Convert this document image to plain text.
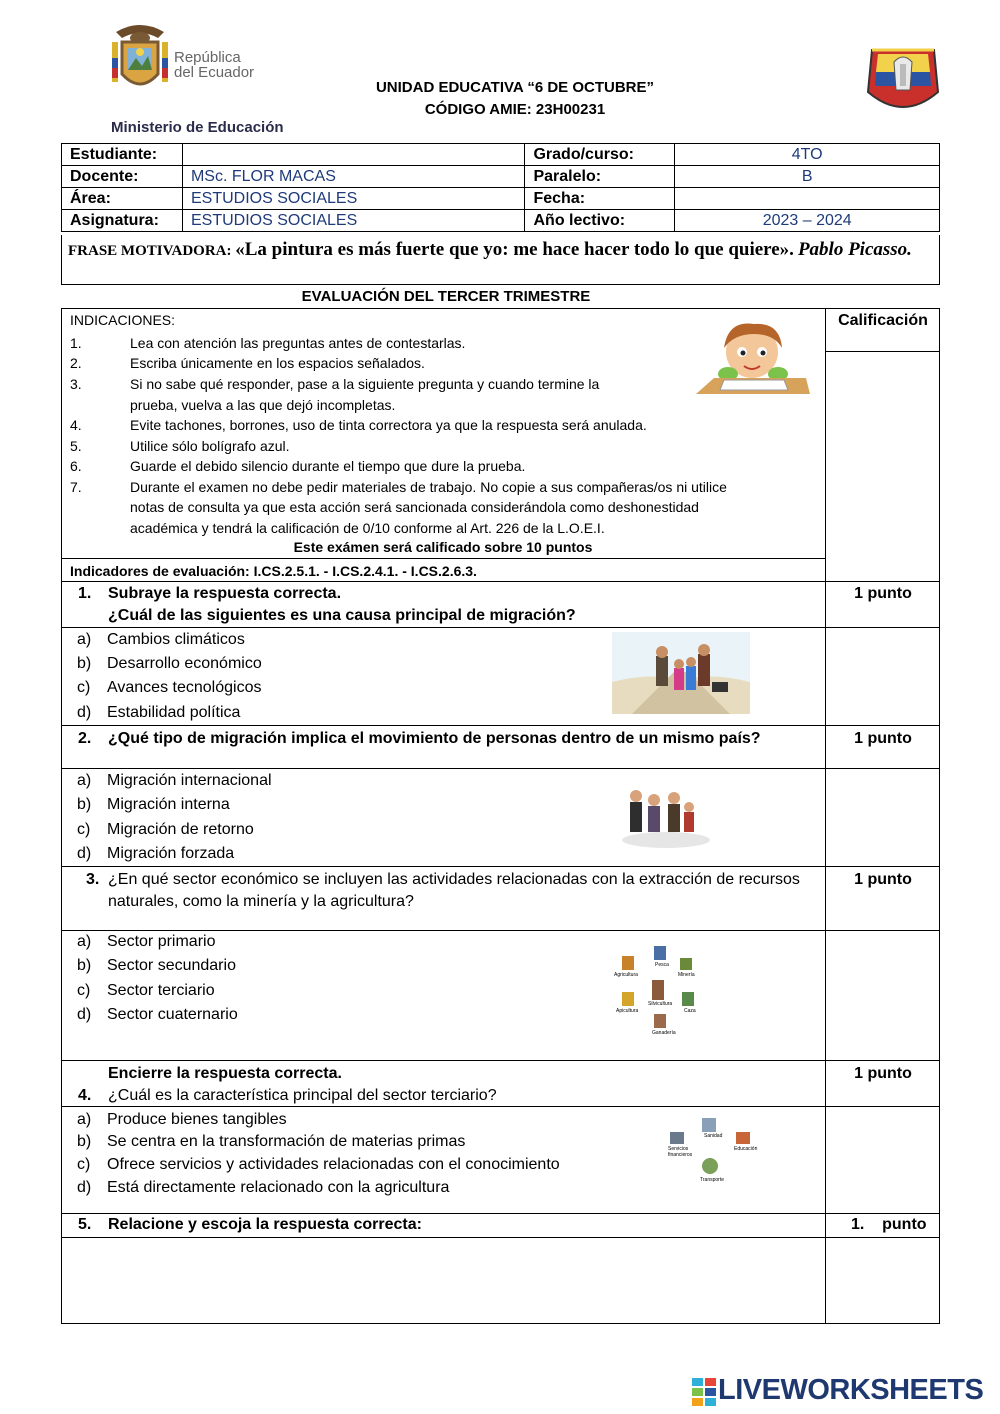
República
del Ecuador
Ministerio de Educación
UNIDAD EDUCATIVA “6 DE OCTUBRE”
CÓDIGO AMIE: 23H00231
Estudiante:		Grado/curso:	4TO
Docente:	MSc. FLOR MACAS	Paralelo:	B
Área:	ESTUDIOS SOCIALES	Fecha:	
Asignatura:	ESTUDIOS SOCIALES	Año lectivo:	2023 – 2024
FRASE MOTIVADORA: «La pintura es más fuerte que yo: me hace hacer todo lo que quiere». Pablo Picasso.
EVALUACIÓN DEL TERCER TRIMESTRE
INDICACIONES:	Calificación
1.	Lea con atención las preguntas antes de contestarlas.
2.	Escriba únicamente en los espacios señalados.
3.	Si no sabe qué responder, pase a la siguiente pregunta y cuando termine la
prueba, vuelva a las que dejó incompletas.
4.	Evite tachones, borrones, uso de tinta correctora ya que la respuesta será anulada.
5.	Utilice sólo bolígrafo azul.
6.	Guarde el debido silencio durante el tiempo que dure la prueba.
7.	Durante el examen no debe pedir materiales de trabajo. No copie a sus compañeras/os ni utilice
notas de consulta ya que esta acción será sancionada considerándola como deshonestidad
académica y tendrá la calificación de 0/10 conforme al Art. 226 de la L.O.E.I.
Este exámen será calificado sobre 10 puntos
Indicadores de evaluación: I.CS.2.5.1. - I.CS.2.4.1. - I.CS.2.6.3.
1. Subraye la respuesta correcta.
¿Cuál de las siguientes es una causa principal de migración?
1 punto
a) Cambios climáticos
b) Desarrollo económico
c) Avances tecnológicos
d) Estabilidad política
2. ¿Qué tipo de migración implica el movimiento de personas dentro de un mismo país?	1 punto
a) Migración internacional
b) Migración interna
c) Migración de retorno
d) Migración forzada
3. ¿En qué sector económico se incluyen las actividades relacionadas con la extracción de recursos
naturales, como la minería y la agricultura?
1 punto
a) Sector primario
b) Sector secundario
c) Sector terciario
d) Sector cuaternario
Agricultura
Pesca
Minería
Silvicultura
Caza
Apicultura
Ganadería
Encierre la respuesta correcta.
4. ¿Cuál es la característica principal del sector terciario?
1 punto
a) Produce bienes tangibles
b) Se centra en la transformación de materias primas
c) Ofrece servicios y actividades relacionadas con el conocimiento
d) Está directamente relacionado con la agricultura
Sanidad
Servicios financieros
Educación
Transporte
5. Relacione y escoja la respuesta correcta:	1.    punto
LIVEWORKSHEETS
